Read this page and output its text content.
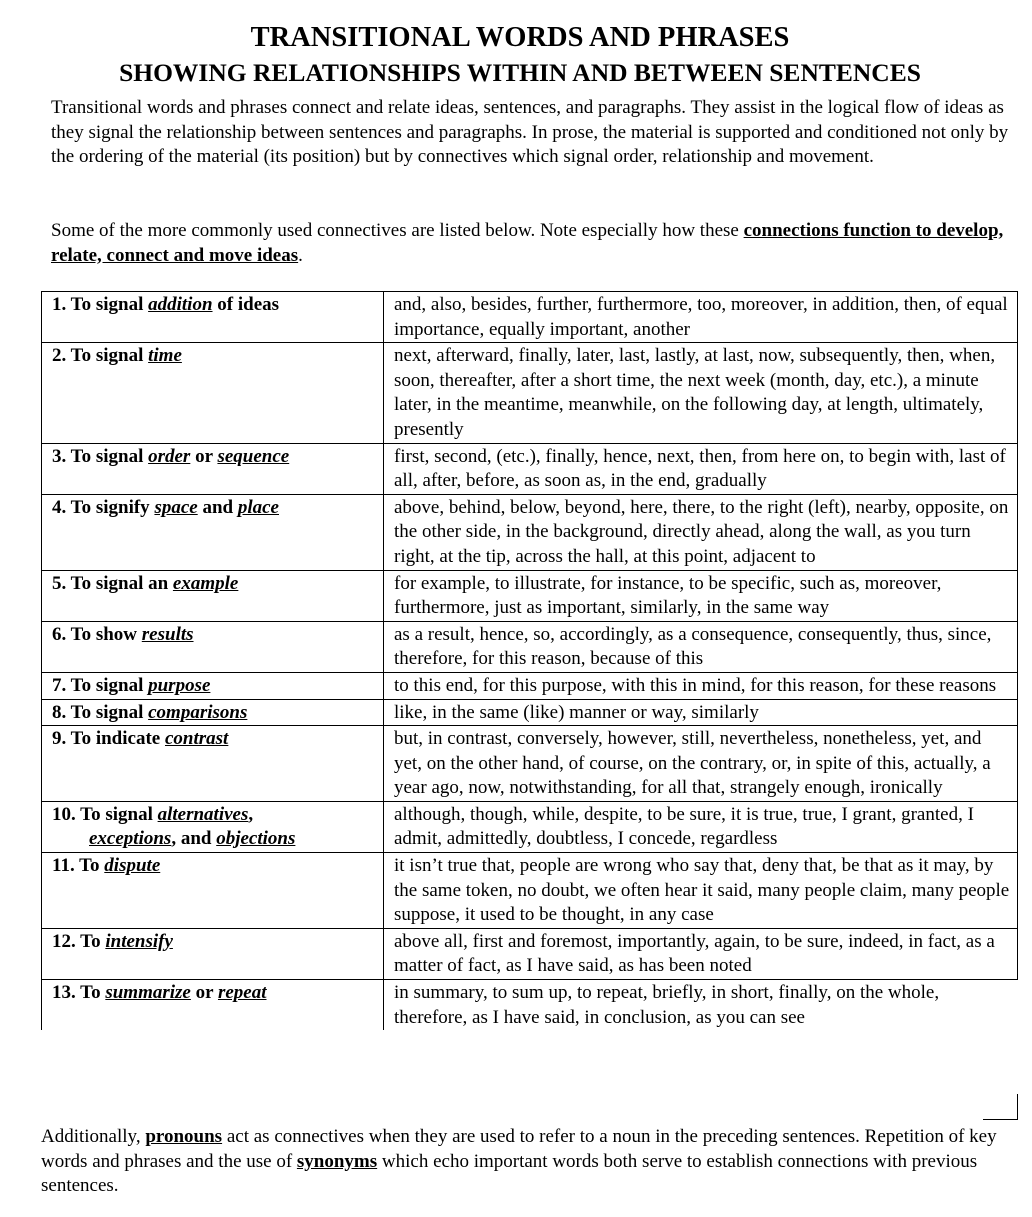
TRANSITIONAL WORDS AND PHRASES
SHOWING RELATIONSHIPS WITHIN AND BETWEEN SENTENCES

Transitional words and phrases connect and relate ideas, sentences, and paragraphs. They assist in the logical flow of ideas as they signal the relationship between sentences and paragraphs. In prose, the material is supported and conditioned not only by the ordering of the material (its position) but by connectives which signal order, relationship and movement.

Some of the more commonly used connectives are listed below. Note especially how these connections function to develop, relate, connect and move ideas.

1. To signal addition of ideas	and, also, besides, further, furthermore, too, moreover, in addition, then, of equal importance, equally important, another
2. To signal time	next, afterward, finally, later, last, lastly, at last, now, subsequently, then, when, soon, thereafter, after a short time, the next week (month, day, etc.), a minute later, in the meantime, meanwhile, on the following day, at length, ultimately, presently
3. To signal order or sequence	first, second, (etc.), finally, hence, next, then, from here on, to begin with, last of all, after, before, as soon as, in the end, gradually
4. To signify space and place	above, behind, below, beyond, here, there, to the right (left), nearby, opposite, on the other side, in the background, directly ahead, along the wall, as you turn right, at the tip, across the hall, at this point, adjacent to
5. To signal an example	for example, to illustrate, for instance, to be specific, such as, moreover, furthermore, just as important, similarly, in the same way
6. To show results	as a result, hence, so, accordingly, as a consequence, consequently, thus, since, therefore, for this reason, because of this
7. To signal purpose	to this end, for this purpose, with this in mind, for this reason, for these reasons
8. To signal comparisons	like, in the same (like) manner or way, similarly
9. To indicate contrast	but, in contrast, conversely, however, still, nevertheless, nonetheless, yet, and yet, on the other hand, of course, on the contrary, or, in spite of this, actually, a year ago, now, notwithstanding, for all that, strangely enough, ironically
10. To signal alternatives,
exceptions, and objections	although, though, while, despite, to be sure, it is true, true, I grant, granted, I admit, admittedly, doubtless, I concede, regardless
11. To dispute	it isn’t true that, people are wrong who say that, deny that, be that as it may, by the same token, no doubt, we often hear it said, many people claim, many people suppose, it used to be thought, in any case
12. To intensify	above all, first and foremost, importantly, again, to be sure, indeed, in fact, as a matter of fact, as I have said, as has been noted
13. To summarize or repeat	in summary, to sum up, to repeat, briefly, in short, finally, on the whole, therefore, as I have said, in conclusion, as you can see

Additionally, pronouns act as connectives when they are used to refer to a noun in the preceding sentences. Repetition of key words and phrases and the use of synonyms which echo important words both serve to establish connections with previous sentences.
